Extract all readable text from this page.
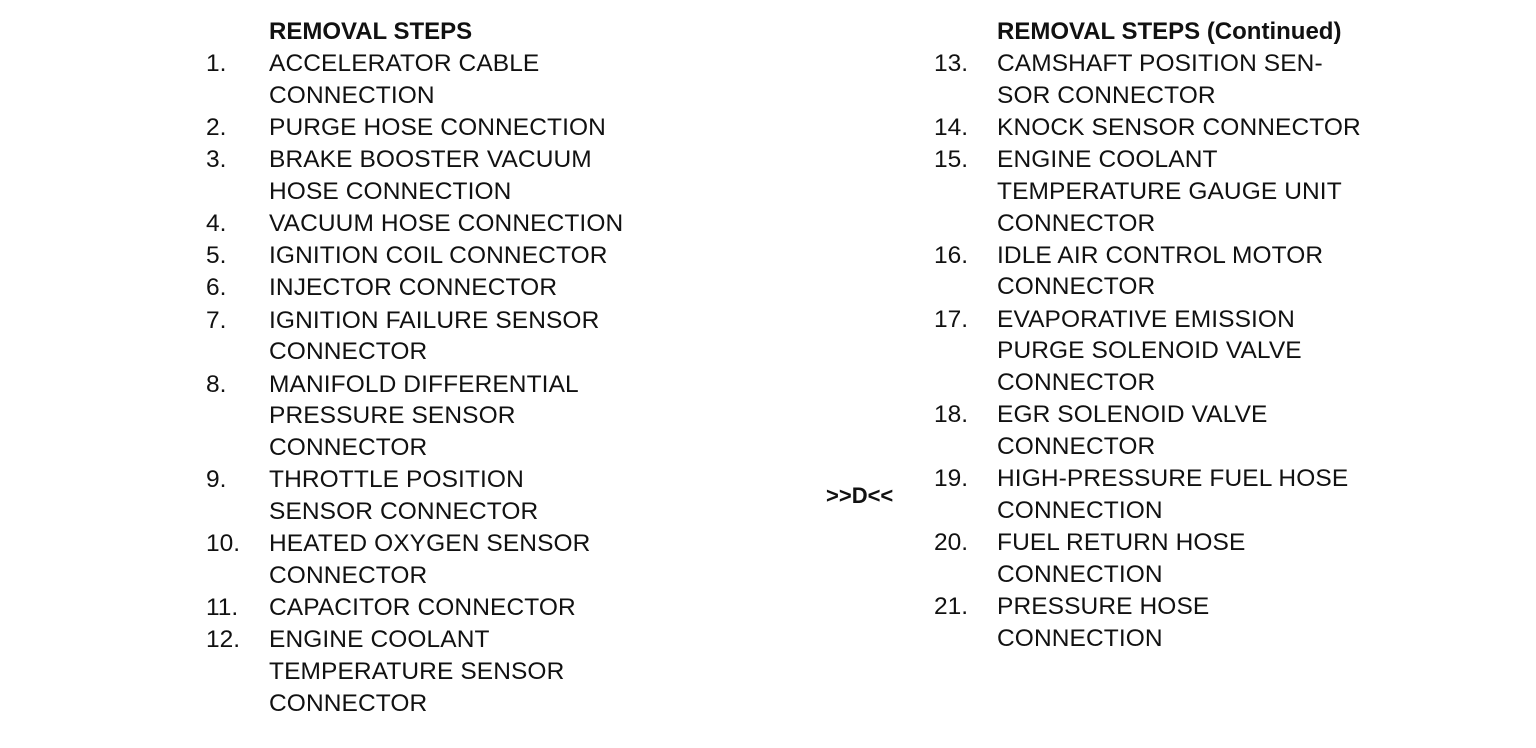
REMOVAL STEPS
1.	ACCELERATOR CABLE
CONNECTION
2.	PURGE HOSE CONNECTION
3.	BRAKE BOOSTER VACUUM
HOSE CONNECTION
4.	VACUUM HOSE CONNECTION
5.	IGNITION COIL CONNECTOR
6.	INJECTOR CONNECTOR
7.	IGNITION FAILURE SENSOR
CONNECTOR
8.	MANIFOLD DIFFERENTIAL
PRESSURE SENSOR
CONNECTOR
9.	THROTTLE POSITION
SENSOR CONNECTOR
10.	HEATED OXYGEN SENSOR
CONNECTOR
11.	CAPACITOR CONNECTOR
12.	ENGINE COOLANT
TEMPERATURE SENSOR
CONNECTOR
>>D<<
REMOVAL STEPS (Continued)
13.	CAMSHAFT POSITION SEN-
SOR CONNECTOR
14.	KNOCK SENSOR CONNECTOR
15.	ENGINE COOLANT
TEMPERATURE GAUGE UNIT
CONNECTOR
16.	IDLE AIR CONTROL MOTOR
CONNECTOR
17.	EVAPORATIVE EMISSION
PURGE SOLENOID VALVE
CONNECTOR
18.	EGR SOLENOID VALVE
CONNECTOR
19.	HIGH-PRESSURE FUEL HOSE
CONNECTION
20.	FUEL RETURN HOSE
CONNECTION
21.	PRESSURE HOSE
CONNECTION
